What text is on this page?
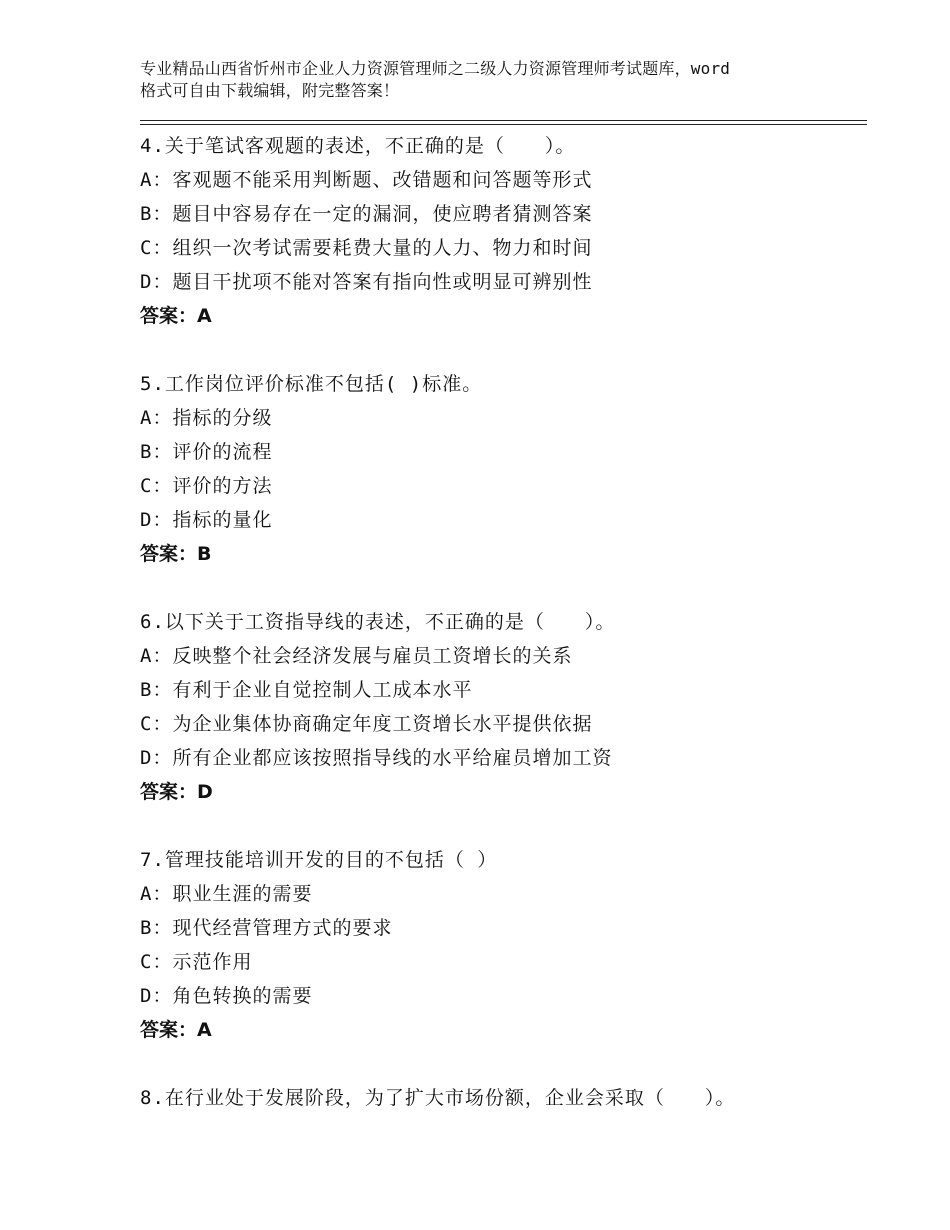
专业精品山西省忻州市企业人力资源管理师之二级人力资源管理师考试题库，word
格式可自由下载编辑，附完整答案！
4.关于笔试客观题的表述，不正确的是（　　）。
A：客观题不能采用判断题、改错题和问答题等形式
B：题目中容易存在一定的漏洞，使应聘者猜测答案
C：组织一次考试需要耗费大量的人力、物力和时间
D：题目干扰项不能对答案有指向性或明显可辨别性
答案：A
5.工作岗位评价标准不包括( )标准。
A：指标的分级
B：评价的流程
C：评价的方法
D：指标的量化
答案：B
6.以下关于工资指导线的表述，不正确的是（　　）。
A：反映整个社会经济发展与雇员工资增长的关系
B：有利于企业自觉控制人工成本水平
C：为企业集体协商确定年度工资增长水平提供依据
D：所有企业都应该按照指导线的水平给雇员增加工资
答案：D
7.管理技能培训开发的目的不包括（ ）
A：职业生涯的需要
B：现代经营管理方式的要求
C：示范作用
D：角色转换的需要
答案：A
8.在行业处于发展阶段，为了扩大市场份额，企业会采取（　　）。
